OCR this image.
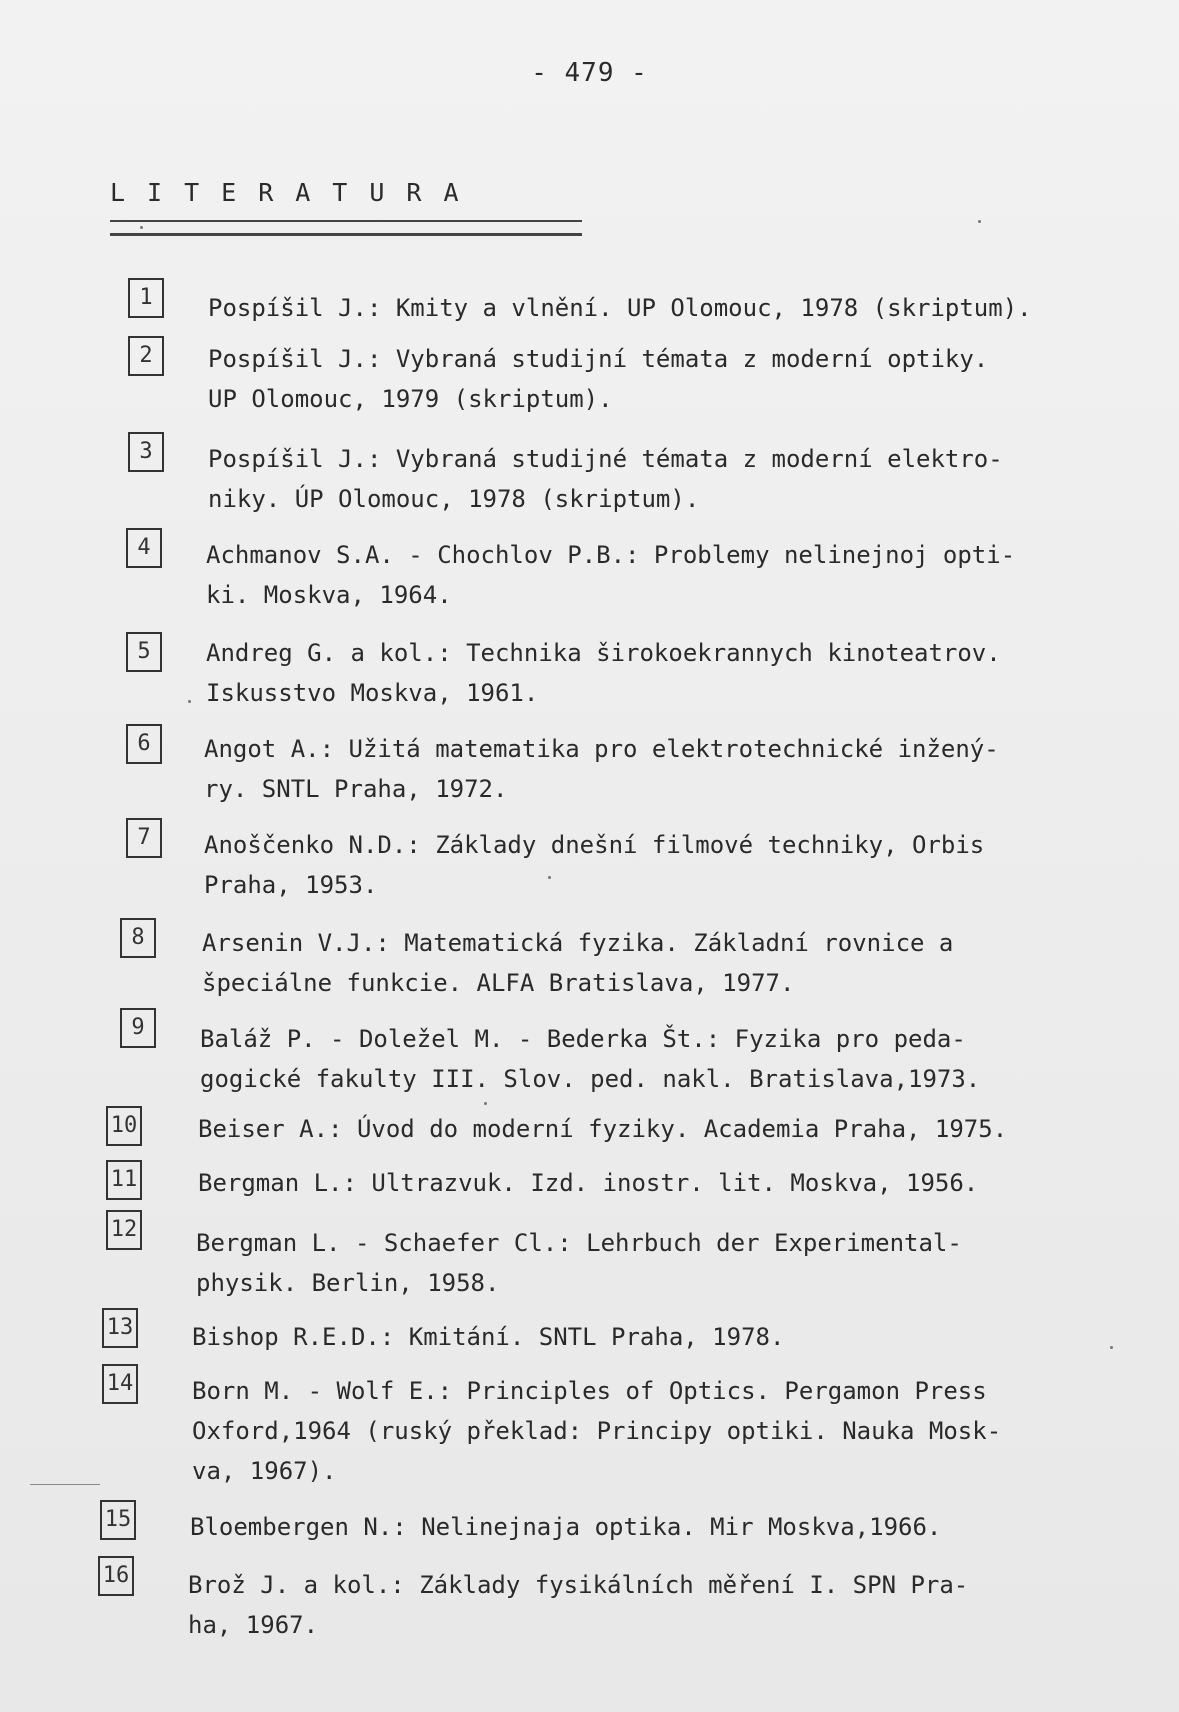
- 479 -
LITERATURA
1	Pospíšil J.: Kmity a vlnění. UP Olomouc, 1978 (skriptum).
2	Pospíšil J.: Vybraná studijní témata z moderní optiky.
UP Olomouc, 1979 (skriptum).
3	Pospíšil J.: Vybraná studijné témata z moderní elektro-
niky. ÚP Olomouc, 1978 (skriptum).
4	Achmanov S.A. - Chochlov P.B.: Problemy nelinejnoj opti-
ki. Moskva, 1964.
5	Andreg G. a kol.: Technika širokoekrannych kinoteatrov.
Iskusstvo Moskva, 1961.
6	Angot A.: Užitá matematika pro elektrotechnické inžený-
ry. SNTL Praha, 1972.
7	Anoščenko N.D.: Základy dnešní filmové techniky, Orbis
Praha, 1953.
8	Arsenin V.J.: Matematická fyzika. Základní rovnice a
špeciálne funkcie. ALFA Bratislava, 1977.
9	Baláž P. - Doležel M. - Bederka Št.: Fyzika pro peda-
gogické fakulty III. Slov. ped. nakl. Bratislava,1973.
10	Beiser A.: Úvod do moderní fyziky. Academia Praha, 1975.
11	Bergman L.: Ultrazvuk. Izd. inostr. lit. Moskva, 1956.
12 Bergman L. - Schaefer Cl.: Lehrbuch der Experimental-
physik. Berlin, 1958.
13 Bishop R.E.D.: Kmitání. SNTL Praha, 1978.
14 Born M. - Wolf E.: Principles of Optics. Pergamon Press
Oxford,1964 (ruský překlad: Principy optiki. Nauka Mosk-
va, 1967).
15 Bloembergen N.: Nelinejnaja optika. Mir Moskva,1966.
16 Brož J. a kol.: Základy fysikálních měření I. SPN Pra-
ha, 1967.
